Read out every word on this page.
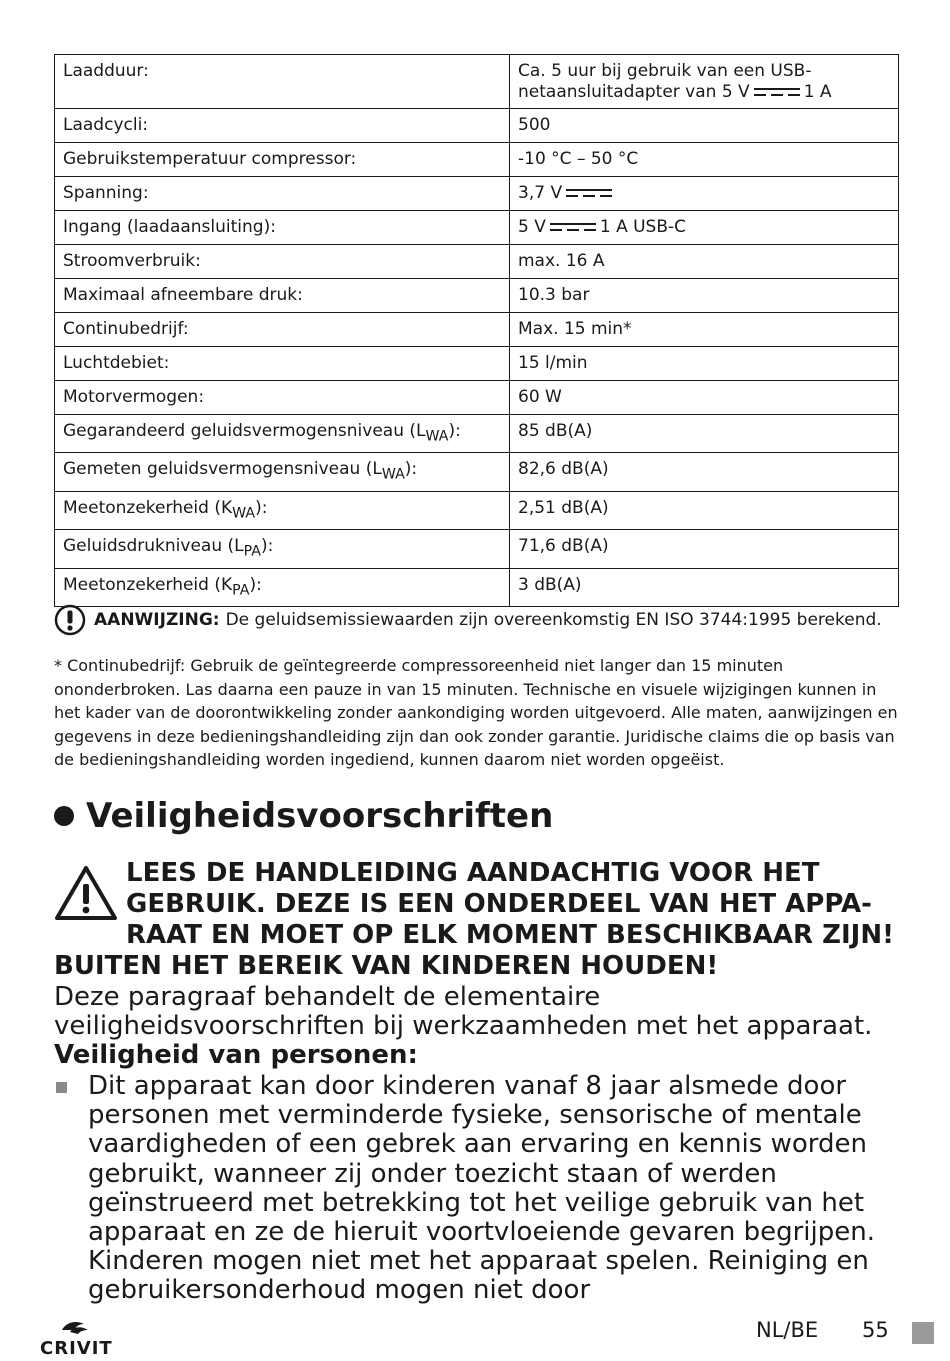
Laadduur:	Ca. 5 uur bij gebruik van een USB-netaansluitadapter van 5 V 1 A
Laadcycli:	500
Gebruikstemperatuur compressor:	-10 °C – 50 °C
Spanning:	3,7 V
Ingang (laadaansluiting):	5 V 1 A USB-C
Stroomverbruik:	max. 16 A
Maximaal afneembare druk:	10.3 bar
Continubedrijf:	Max. 15 min*
Luchtdebiet:	15 l/min
Motorvermogen:	60 W
Gegarandeerd geluidsvermogensniveau $(L_{WA})$:	85 dB(A)
Gemeten geluidsvermogensniveau $(L_{WA})$:	82,6 dB(A)
Meetonzekerheid $(K_{WA})$:	2,51 dB(A)
Geluidsdrukniveau $(L_{PA})$:	71,6 dB(A)
Meetonzekerheid $(K_{PA})$:	3 dB(A)
AANWIJZING: De geluidsemissiewaarden zijn overeenkomstig EN ISO 3744:1995 berekend.
* Continubedrijf: Gebruik de geïntegreerde compressoreenheid niet langer dan 15 minuten ononderbroken. Las daarna een pauze in van 15 minuten. Technische en visuele wijzigingen kunnen in het kader van de doorontwikkeling zonder aankondiging worden uitgevoerd. Alle maten, aanwijzingen en gegevens in deze bedieningshandleiding zijn dan ook zonder garantie. Juridische claims die op basis van de bedieningshandleiding worden ingediend, kunnen daarom niet worden opgeëist.
Veiligheidsvoorschriften
LEES DE HANDLEIDING AANDACHTIG VOOR HET
GEBRUIK. DEZE IS EEN ONDERDEEL VAN HET APPA-
RAAT EN MOET OP ELK MOMENT BESCHIKBAAR ZIJN!
BUITEN HET BEREIK VAN KINDEREN HOUDEN!
Deze paragraaf behandelt de elementaire veiligheidsvoorschriften bij werkzaamheden met het apparaat.
Veiligheid van personen:
Dit apparaat kan door kinderen vanaf 8 jaar alsmede door personen met verminderde fysieke, sensorische of mentale vaardigheden of een gebrek aan ervaring en kennis worden gebruikt, wanneer zij onder toezicht staan of werden geïnstrueerd met betrekking tot het veilige gebruik van het apparaat en ze de hieruit voortvloeiende gevaren begrijpen. Kinderen mogen niet met het apparaat spelen. Reiniging en gebruikersonderhoud mogen niet door
CRIVIT
NL/BE 55
